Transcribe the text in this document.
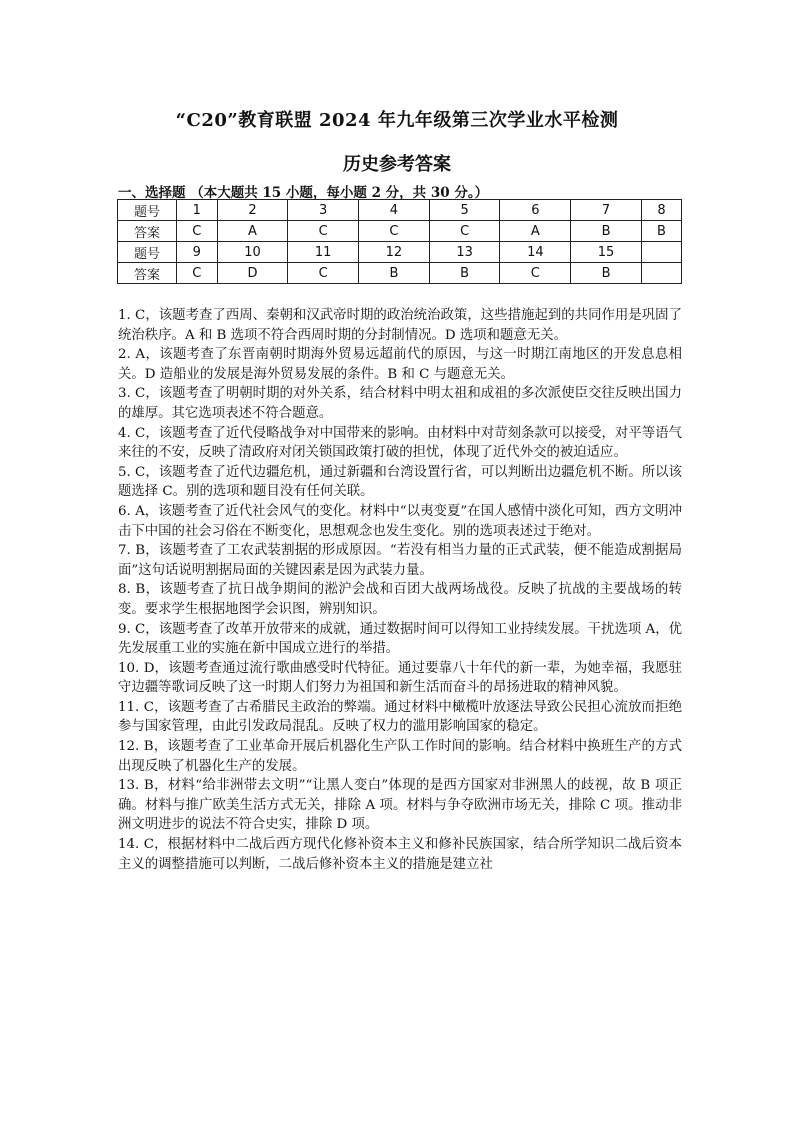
“C20”教育联盟 2024 年九年级第三次学业水平检测
历史参考答案
一、选择题 （本大题共 15 小题，每小题 2 分，共 30 分。）
题号	1	2	3	4	5	6	7	8
答案	C	A	C	C	C	A	B	B
题号	9	10	11	12	13	14	15	
答案	C	D	C	B	B	C	B	

1. C，该题考查了西周、秦朝和汉武帝时期的政治统治政策，这些措施起到的共同作用是巩固了统治秩序。A 和 B 选项不符合西周时期的分封制情况。D 选项和题意无关。

2. A，该题考查了东晋南朝时期海外贸易远超前代的原因，与这一时期江南地区的开发息息相关。D 造船业的发展是海外贸易发展的条件。B 和 C 与题意无关。

3. C，该题考查了明朝时期的对外关系，结合材料中明太祖和成祖的多次派使臣交往反映出国力的雄厚。其它选项表述不符合题意。

4. C，该题考查了近代侵略战争对中国带来的影响。由材料中对苛刻条款可以接受，对平等语气来往的不安，反映了清政府对闭关锁国政策打破的担忧，体现了近代外交的被迫适应。

5. C，该题考查了近代边疆危机，通过新疆和台湾设置行省，可以判断出边疆危机不断。所以该题选择 C。别的选项和题目没有任何关联。

6. A，该题考查了近代社会风气的变化。材料中“以夷变夏”在国人感情中淡化可知，西方文明冲击下中国的社会习俗在不断变化，思想观念也发生变化。别的选项表述过于绝对。

7. B，该题考查了工农武装割据的形成原因。“若没有相当力量的正式武装，便不能造成割据局面”这句话说明割据局面的关键因素是因为武装力量。

8. B，该题考查了抗日战争期间的淞沪会战和百团大战两场战役。反映了抗战的主要战场的转变。要求学生根据地图学会识图，辨别知识。

9. C，该题考查了改革开放带来的成就，通过数据时间可以得知工业持续发展。干扰选项 A，优先发展重工业的实施在新中国成立进行的举措。

10. D，该题考查通过流行歌曲感受时代特征。通过要靠八十年代的新一辈，为她幸福，我愿驻守边疆等歌词反映了这一时期人们努力为祖国和新生活而奋斗的昂扬进取的精神风貌。

11. C，该题考查了古希腊民主政治的弊端。通过材料中橄榄叶放逐法导致公民担心流放而拒绝参与国家管理，由此引发政局混乱。反映了权力的滥用影响国家的稳定。

12. B，该题考查了工业革命开展后机器化生产队工作时间的影响。结合材料中换班生产的方式出现反映了机器化生产的发展。

13. B，材料“给非洲带去文明”“让黑人变白”体现的是西方国家对非洲黑人的歧视，故 B 项正确。材料与推广欧美生活方式无关，排除 A 项。材料与争夺欧洲市场无关，排除 C 项。推动非洲文明进步的说法不符合史实，排除 D 项。

14. C，根据材料中二战后西方现代化修补资本主义和修补民族国家，结合所学知识二战后资本主义的调整措施可以判断，二战后修补资本主义的措施是建立社
